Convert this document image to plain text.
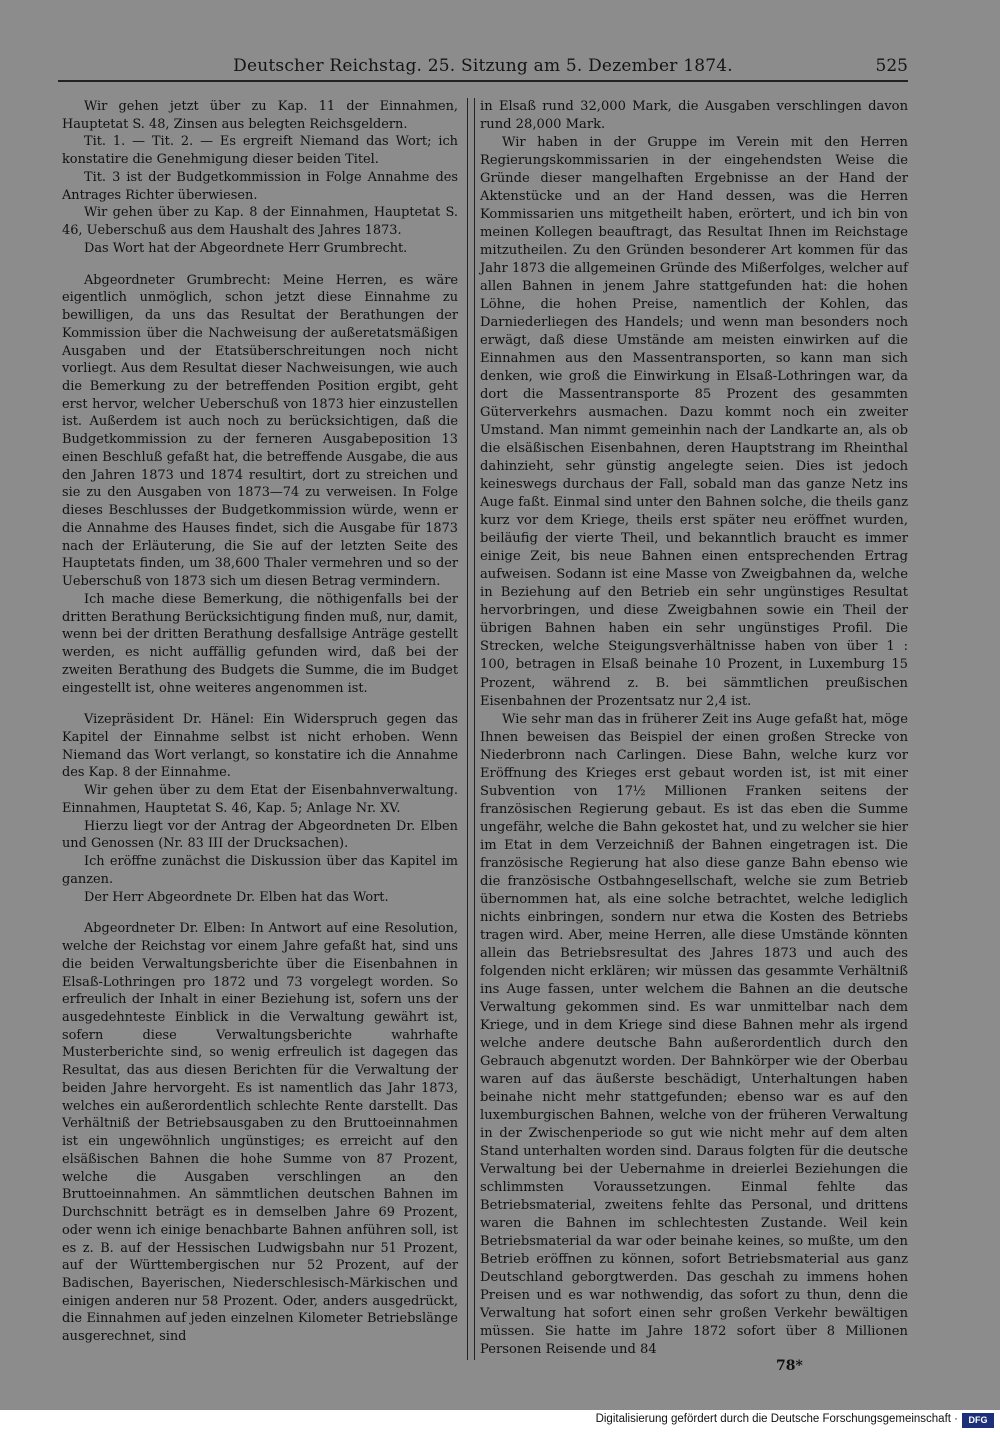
Deutscher Reichstag. 25. Sitzung am 5. Dezember 1874.	525

Wir gehen jetzt über zu Kap. 11 der Einnahmen, Hauptetat S. 48, Zinsen aus belegten Reichsgeldern.

Tit. 1. — Tit. 2. — Es ergreift Niemand das Wort; ich konstatire die Genehmigung dieser beiden Titel.

Tit. 3 ist der Budgetkommission in Folge Annahme des Antrages Richter überwiesen.

Wir gehen über zu Kap. 8 der Einnahmen, Hauptetat S. 46, Ueberschuß aus dem Haushalt des Jahres 1873.

Das Wort hat der Abgeordnete Herr Grumbrecht.

Abgeordneter Grumbrecht: Meine Herren, es wäre eigentlich unmöglich, schon jetzt diese Einnahme zu bewilligen, da uns das Resultat der Berathungen der Kommission über die Nachweisung der außeretatsmäßigen Ausgaben und der Etatsüberschreitungen noch nicht vorliegt. Aus dem Resultat dieser Nachweisungen, wie auch die Bemerkung zu der betreffenden Position ergibt, geht erst hervor, welcher Ueberschuß von 1873 hier einzustellen ist. Außerdem ist auch noch zu berücksichtigen, daß die Budgetkommission zu der ferneren Ausgabeposition 13 einen Beschluß gefaßt hat, die betreffende Ausgabe, die aus den Jahren 1873 und 1874 resultirt, dort zu streichen und sie zu den Ausgaben von 1873—74 zu verweisen. In Folge dieses Beschlusses der Budgetkommission würde, wenn er die Annahme des Hauses findet, sich die Ausgabe für 1873 nach der Erläuterung, die Sie auf der letzten Seite des Hauptetats finden, um 38,600 Thaler vermehren und so der Ueberschuß von 1873 sich um diesen Betrag vermindern.

Ich mache diese Bemerkung, die nöthigenfalls bei der dritten Berathung Berücksichtigung finden muß, nur, damit, wenn bei der dritten Berathung desfallsige Anträge gestellt werden, es nicht auffällig gefunden wird, daß bei der zweiten Berathung des Budgets die Summe, die im Budget eingestellt ist, ohne weiteres angenommen ist.

Vizepräsident Dr. Hänel: Ein Widerspruch gegen das Kapitel der Einnahme selbst ist nicht erhoben. Wenn Niemand das Wort verlangt, so konstatire ich die Annahme des Kap. 8 der Einnahme.

Wir gehen über zu dem Etat der Eisenbahnverwaltung. Einnahmen, Hauptetat S. 46, Kap. 5; Anlage Nr. XV.

Hierzu liegt vor der Antrag der Abgeordneten Dr. Elben und Genossen (Nr. 83 III der Drucksachen).

Ich eröffne zunächst die Diskussion über das Kapitel im ganzen.

Der Herr Abgeordnete Dr. Elben hat das Wort.

Abgeordneter Dr. Elben: In Antwort auf eine Resolution, welche der Reichstag vor einem Jahre gefaßt hat, sind uns die beiden Verwaltungsberichte über die Eisenbahnen in Elsaß-Lothringen pro 1872 und 73 vorgelegt worden. So erfreulich der Inhalt in einer Beziehung ist, sofern uns der ausgedehnteste Einblick in die Verwaltung gewährt ist, sofern diese Verwaltungsberichte wahrhafte Musterberichte sind, so wenig erfreulich ist dagegen das Resultat, das aus diesen Berichten für die Verwaltung der beiden Jahre hervorgeht. Es ist namentlich das Jahr 1873, welches ein außerordentlich schlechte Rente darstellt. Das Verhältniß der Betriebsausgaben zu den Bruttoeinnahmen ist ein ungewöhnlich ungünstiges; es erreicht auf den elsäßischen Bahnen die hohe Summe von 87 Prozent, welche die Ausgaben verschlingen an den Bruttoeinnahmen. An sämmtlichen deutschen Bahnen im Durchschnitt beträgt es in demselben Jahre 69 Prozent, oder wenn ich einige benachbarte Bahnen anführen soll, ist es z. B. auf der Hessischen Ludwigsbahn nur 51 Prozent, auf der Württembergischen nur 52 Prozent, auf der Badischen, Bayerischen, Niederschlesisch-Märkischen und einigen anderen nur 58 Prozent. Oder, anders ausgedrückt, die Einnahmen auf jeden einzelnen Kilometer Betriebslänge ausgerechnet, sind

in Elsaß rund 32,000 Mark, die Ausgaben verschlingen davon rund 28,000 Mark.

Wir haben in der Gruppe im Verein mit den Herren Regierungskommissarien in der eingehendsten Weise die Gründe dieser mangelhaften Ergebnisse an der Hand der Aktenstücke und an der Hand dessen, was die Herren Kommissarien uns mitgetheilt haben, erörtert, und ich bin von meinen Kollegen beauftragt, das Resultat Ihnen im Reichstage mitzutheilen. Zu den Gründen besonderer Art kommen für das Jahr 1873 die allgemeinen Gründe des Mißerfolges, welcher auf allen Bahnen in jenem Jahre stattgefunden hat: die hohen Löhne, die hohen Preise, namentlich der Kohlen, das Darniederliegen des Handels; und wenn man besonders noch erwägt, daß diese Umstände am meisten einwirken auf die Einnahmen aus den Massentransporten, so kann man sich denken, wie groß die Einwirkung in Elsaß-Lothringen war, da dort die Massentransporte 85 Prozent des gesammten Güterverkehrs ausmachen. Dazu kommt noch ein zweiter Umstand. Man nimmt gemeinhin nach der Landkarte an, als ob die elsäßischen Eisenbahnen, deren Hauptstrang im Rheinthal dahinzieht, sehr günstig angelegte seien. Dies ist jedoch keineswegs durchaus der Fall, sobald man das ganze Netz ins Auge faßt. Einmal sind unter den Bahnen solche, die theils ganz kurz vor dem Kriege, theils erst später neu eröffnet wurden, beiläufig der vierte Theil, und bekanntlich braucht es immer einige Zeit, bis neue Bahnen einen entsprechenden Ertrag aufweisen. Sodann ist eine Masse von Zweigbahnen da, welche in Beziehung auf den Betrieb ein sehr ungünstiges Resultat hervorbringen, und diese Zweigbahnen sowie ein Theil der übrigen Bahnen haben ein sehr ungünstiges Profil. Die Strecken, welche Steigungsverhältnisse haben von über 1 : 100, betragen in Elsaß beinahe 10 Prozent, in Luxemburg 15 Prozent, während z. B. bei sämmtlichen preußischen Eisenbahnen der Prozentsatz nur 2,4 ist.

Wie sehr man das in früherer Zeit ins Auge gefaßt hat, möge Ihnen beweisen das Beispiel der einen großen Strecke von Niederbronn nach Carlingen. Diese Bahn, welche kurz vor Eröffnung des Krieges erst gebaut worden ist, ist mit einer Subvention von 17½ Millionen Franken seitens der französischen Regierung gebaut. Es ist das eben die Summe ungefähr, welche die Bahn gekostet hat, und zu welcher sie hier im Etat in dem Verzeichniß der Bahnen eingetragen ist. Die französische Regierung hat also diese ganze Bahn ebenso wie die französische Ostbahngesellschaft, welche sie zum Betrieb übernommen hat, als eine solche betrachtet, welche lediglich nichts einbringen, sondern nur etwa die Kosten des Betriebs tragen wird. Aber, meine Herren, alle diese Umstände könnten allein das Betriebsresultat des Jahres 1873 und auch des folgenden nicht erklären; wir müssen das gesammte Verhältniß ins Auge fassen, unter welchem die Bahnen an die deutsche Verwaltung gekommen sind. Es war unmittelbar nach dem Kriege, und in dem Kriege sind diese Bahnen mehr als irgend welche andere deutsche Bahn außerordentlich durch den Gebrauch abgenutzt worden. Der Bahnkörper wie der Oberbau waren auf das äußerste beschädigt, Unterhaltungen haben beinahe nicht mehr stattgefunden; ebenso war es auf den luxemburgischen Bahnen, welche von der früheren Verwaltung in der Zwischenperiode so gut wie nicht mehr auf dem alten Stand unterhalten worden sind. Daraus folgten für die deutsche Verwaltung bei der Uebernahme in dreierlei Beziehungen die schlimmsten Voraussetzungen. Einmal fehlte das Betriebsmaterial, zweitens fehlte das Personal, und drittens waren die Bahnen im schlechtesten Zustande. Weil kein Betriebsmaterial da war oder beinahe keines, so mußte, um den Betrieb eröffnen zu können, sofort Betriebsmaterial aus ganz Deutschland geborgtwerden. Das geschah zu immens hohen Preisen und es war nothwendig, das sofort zu thun, denn die Verwaltung hat sofort einen sehr großen Verkehr bewältigen müssen. Sie hatte im Jahre 1872 sofort über 8 Millionen Personen Reisende und 84

78*
Digitalisierung gefördert durch die Deutsche Forschungsgemeinschaft ·	DFG
